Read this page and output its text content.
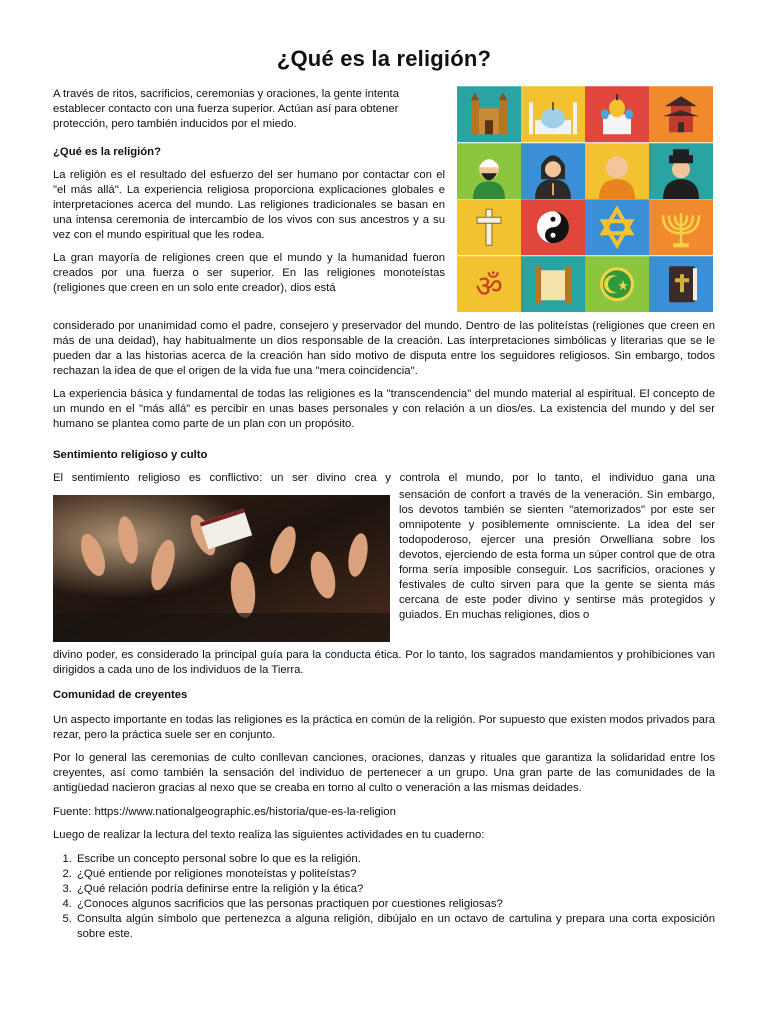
¿Qué es la religión?

A través de ritos, sacrificios, ceremonias y oraciones, la gente intenta establecer contacto con una fuerza superior. Actúan así para obtener protección, pero también inducidos por el miedo.

ॐ

¿Qué es la religión?

La religión es el resultado del esfuerzo del ser humano por contactar con el "el más allá". La experiencia religiosa proporciona explicaciones globales e interpretaciones acerca del mundo. Las religiones tradicionales se basan en una intensa ceremonia de intercambio de los vivos con sus ancestros y a su vez con el mundo espiritual que les rodea.

La gran mayoría de religiones creen que el mundo y la humanidad fueron creados por una fuerza o ser superior. En las religiones monoteístas (religiones que creen en un solo ente creador), dios está

considerado por unanimidad como el padre, consejero y preservador del mundo. Dentro de las politeístas (religiones que creen en más de una deidad), hay habitualmente un dios responsable de la creación. Las interpretaciones simbólicas y literarias que se le pueden dar a las historias acerca de la creación han sido motivo de disputa entre los seguidores religiosos. Sin embargo, todos rechazan la idea de que el origen de la vida fue una "mera coincidencia".

La experiencia básica y fundamental de todas las religiones es la "transcendencia" del mundo material al espiritual. El concepto de un mundo en el "más allá" es percibir en unas bases personales y con relación a un dios/es. La existencia del mundo y del ser humano se plantea como parte de un plan con un propósito.

Sentimiento religioso y culto

El sentimiento religioso es conflictivo: un ser divino crea y controla el mundo, por lo tanto, el individuo gana una

sensación de confort a través de la veneración. Sin embargo, los devotos también se sienten "atemorizados" por este ser omnipotente y posiblemente omnisciente. La idea del ser todopoderoso, ejercer una presión Orwelliana sobre los devotos, ejerciendo de esta forma un súper control que de otra forma sería imposible conseguir. Los sacrificios, oraciones y festivales de culto sirven para que la gente se sienta más cercana de este poder divino y sentirse más protegidos y guiados. En muchas religiones, dios o

divino poder, es considerado la principal guía para la conducta ética. Por lo tanto, los sagrados mandamientos y prohibiciones van dirigidos a cada uno de los individuos de la Tierra.

Comunidad de creyentes

Un aspecto importante en todas las religiones es la práctica en común de la religión. Por supuesto que existen modos privados para rezar, pero la práctica suele ser en conjunto.

Por lo general las ceremonias de culto conllevan canciones, oraciones, danzas y rituales que garantiza la solidaridad entre los creyentes, así como también la sensación del individuo de pertenecer a un grupo. Una gran parte de las comunidades de la antigüedad nacieron gracias al nexo que se creaba en torno al culto o veneración a las mismas deidades.

Fuente: https://www.nationalgeographic.es/historia/que-es-la-religion

Luego de realizar la lectura del texto realiza las siguientes actividades en tu cuaderno:

1. Escribe un concepto personal sobre lo que es la religión.
2. ¿Qué entiende por religiones monoteístas y politeístas?
3. ¿Qué relación podría definirse entre la religión y la ética?
4. ¿Conoces algunos sacrificios que las personas practiquen por cuestiones religiosas?
5. Consulta algún símbolo que pertenezca a alguna religión, dibújalo en un octavo de cartulina y prepara una corta exposición sobre este.
